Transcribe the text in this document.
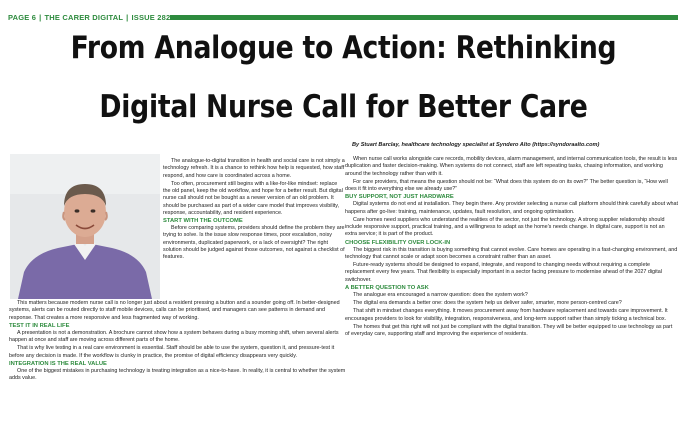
PAGE 6 | THE CARER DIGITAL | ISSUE 282
From Analogue to Action: Rethinking
Digital Nurse Call for Better Care
By Stuart Barclay, healthcare technology specialist at Syndero Alto (https://syndoraalto.com)

The analogue-to-digital transition in health and social care is not simply a technology refresh. It is a chance to rethink how help is requested, how staff respond, and how care is coordinated across a home.

Too often, procurement still begins with a like-for-like mindset: replace the old panel, keep the old workflow, and hope for a better result. But digital nurse call should not be bought as a newer version of an old problem. It should be purchased as part of a wider care model that improves visibility, response, accountability, and resident experience.

START WITH THE OUTCOME

Before comparing systems, providers should define the problem they are trying to solve. Is the issue slow response times, poor escalation, noisy environments, duplicated paperwork, or a lack of oversight? The right solution should be judged against those outcomes, not against a checklist of features.

This matters because modern nurse call is no longer just about a resident pressing a button and a sounder going off. In better-designed systems, alerts can be routed directly to staff mobile devices, calls can be prioritised, and managers can see patterns in demand and response. That creates a more responsive and less fragmented way of working.

TEST IT IN REAL LIFE

A presentation is not a demonstration. A brochure cannot show how a system behaves during a busy morning shift, when several alerts happen at once and staff are moving across different parts of the home.

That is why live testing in a real care environment is essential. Staff should be able to use the system, question it, and pressure-test it before any decision is made. If the workflow is clunky in practice, the promise of digital efficiency disappears very quickly.

INTEGRATION IS THE REAL VALUE

One of the biggest mistakes in purchasing technology is treating integration as a nice-to-have. In reality, it is central to whether the system adds value.

When nurse call works alongside care records, mobility devices, alarm management, and internal communication tools, the result is less duplication and faster decision-making. When systems do not connect, staff are left repeating tasks, chasing information, and working around the technology rather than with it.

For care providers, that means the question should not be: “What does this system do on its own?” The better question is, “How well does it fit into everything else we already use?”

BUY SUPPORT, NOT JUST HARDWARE

Digital systems do not end at installation. They begin there. Any provider selecting a nurse call platform should think carefully about what happens after go-live: training, maintenance, updates, fault resolution, and ongoing optimisation.

Care homes need suppliers who understand the realities of the sector, not just the technology. A strong supplier relationship should include responsive support, practical training, and a willingness to adapt as the home’s needs change. In digital care, support is not an extra service; it is part of the product.

CHOOSE FLEXIBILITY OVER LOCK-IN

The biggest risk in this transition is buying something that cannot evolve. Care homes are operating in a fast-changing environment, and technology that cannot scale or adapt soon becomes a constraint rather than an asset.

Future-ready systems should be designed to expand, integrate, and respond to changing needs without requiring a complete replacement every few years. That flexibility is especially important in a sector facing pressure to modernise ahead of the 2027 digital switchover.

A BETTER QUESTION TO ASK

The analogue era encouraged a narrow question: does the system work?

The digital era demands a better one: does the system help us deliver safer, smarter, more person-centred care?

That shift in mindset changes everything. It moves procurement away from hardware replacement and towards care improvement. It encourages providers to look for visibility, integration, responsiveness, and long-term support rather than simply ticking a technical box.

The homes that get this right will not just be compliant with the digital transition. They will be better equipped to use technology as part of everyday care, supporting staff and improving the experience of residents.
